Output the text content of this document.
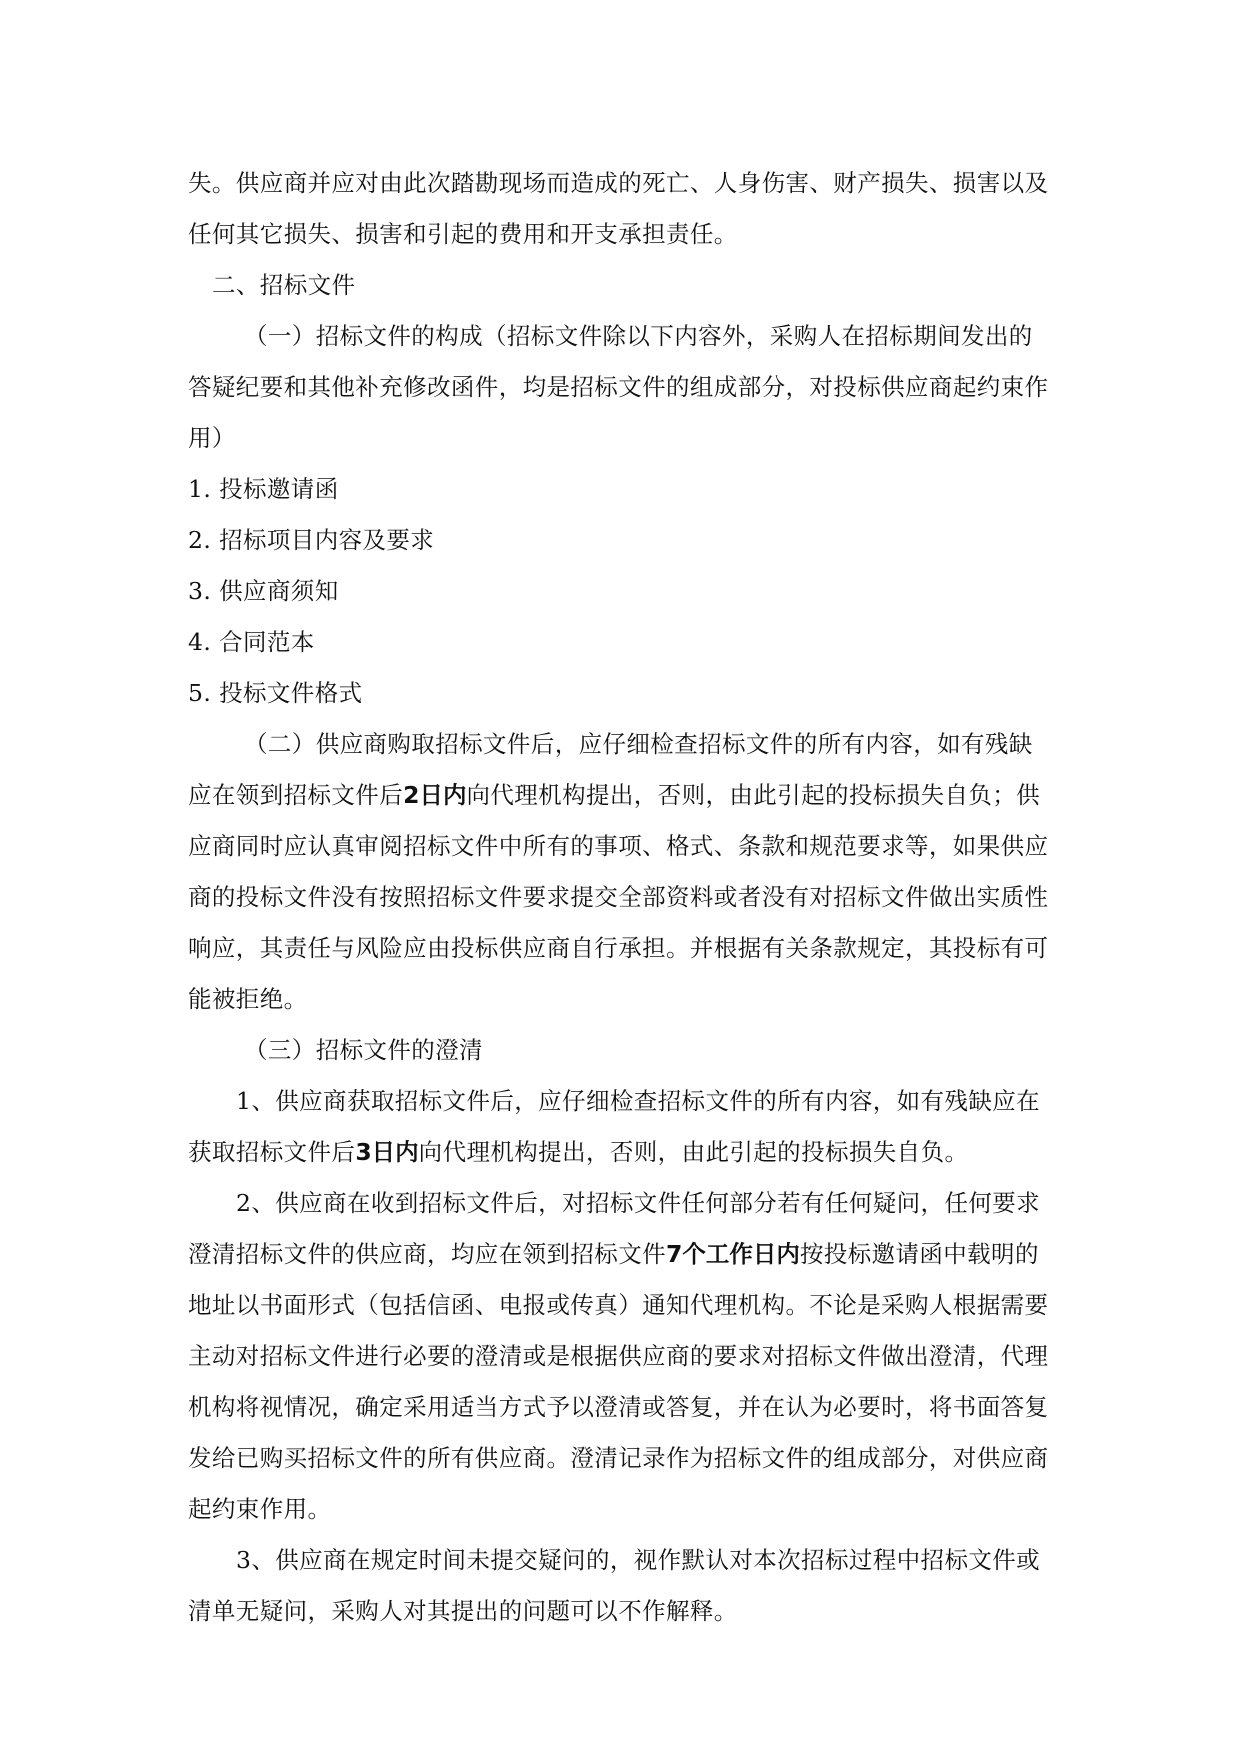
失。供应商并应对由此次踏勘现场而造成的死亡、人身伤害、财产损失、损害以及任何其它损失、损害和引起的费用和开支承担责任。

二、招标文件

（一）招标文件的构成（招标文件除以下内容外，采购人在招标期间发出的答疑纪要和其他补充修改函件，均是招标文件的组成部分，对投标供应商起约束作用）

1. 投标邀请函

2. 招标项目内容及要求

3. 供应商须知

4. 合同范本

5. 投标文件格式

（二）供应商购取招标文件后，应仔细检查招标文件的所有内容，如有残缺应在领到招标文件后2日内向代理机构提出，否则，由此引起的投标损失自负；供应商同时应认真审阅招标文件中所有的事项、格式、条款和规范要求等，如果供应商的投标文件没有按照招标文件要求提交全部资料或者没有对招标文件做出实质性响应，其责任与风险应由投标供应商自行承担。并根据有关条款规定，其投标有可能被拒绝。

（三）招标文件的澄清

1、供应商获取招标文件后，应仔细检查招标文件的所有内容，如有残缺应在获取招标文件后3日内向代理机构提出，否则，由此引起的投标损失自负。

2、供应商在收到招标文件后，对招标文件任何部分若有任何疑问，任何要求澄清招标文件的供应商，均应在领到招标文件7个工作日内按投标邀请函中载明的地址以书面形式（包括信函、电报或传真）通知代理机构。不论是采购人根据需要主动对招标文件进行必要的澄清或是根据供应商的要求对招标文件做出澄清，代理机构将视情况，确定采用适当方式予以澄清或答复，并在认为必要时，将书面答复发给已购买招标文件的所有供应商。澄清记录作为招标文件的组成部分，对供应商起约束作用。

3、供应商在规定时间未提交疑问的，视作默认对本次招标过程中招标文件或清单无疑问，采购人对其提出的问题可以不作解释。
